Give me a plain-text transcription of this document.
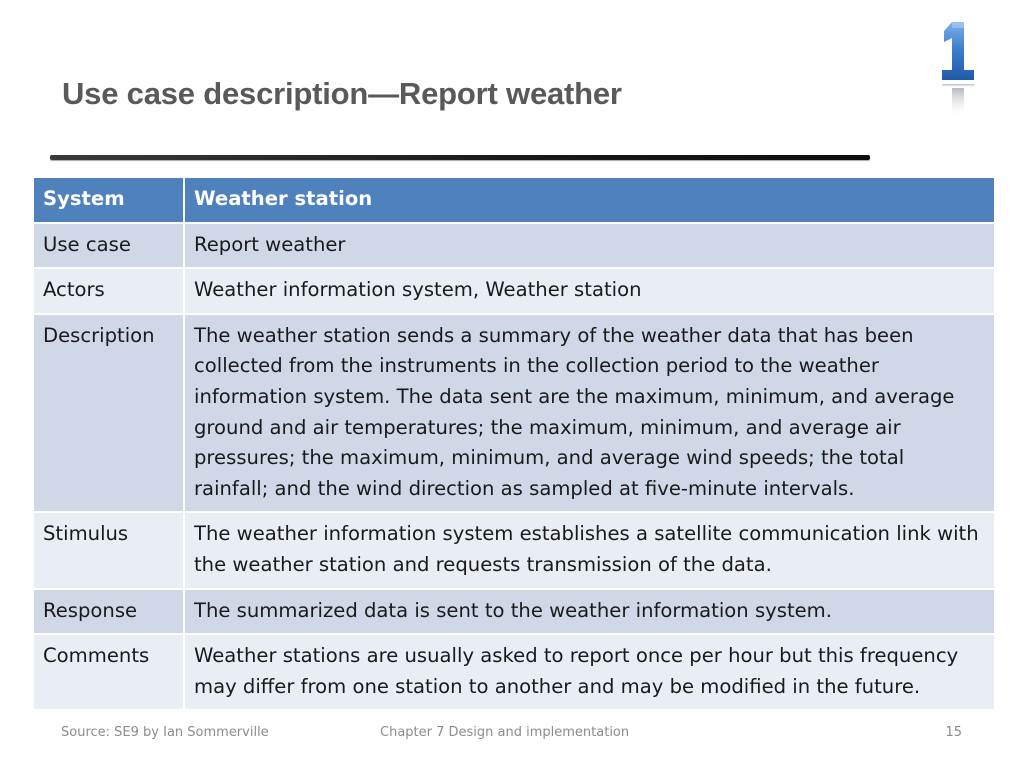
Use case description—Report weather
System	Weather station
Use case	Report weather
Actors	Weather information system, Weather station
Description	The weather station sends a summary of the weather data that has been collected from the instruments in the collection period to the weather information system. The data sent are the maximum, minimum, and average ground and air temperatures; the maximum, minimum, and average air pressures; the maximum, minimum, and average wind speeds; the total rainfall; and the wind direction as sampled at five-minute intervals.
Stimulus	The weather information system establishes a satellite communication link with the weather station and requests transmission of the data.
Response	The summarized data is sent to the weather information system.
Comments	Weather stations are usually asked to report once per hour but this frequency may differ from one station to another and may be modified in the future.
Source: SE9 by Ian Sommerville	Chapter 7 Design and implementation	15
